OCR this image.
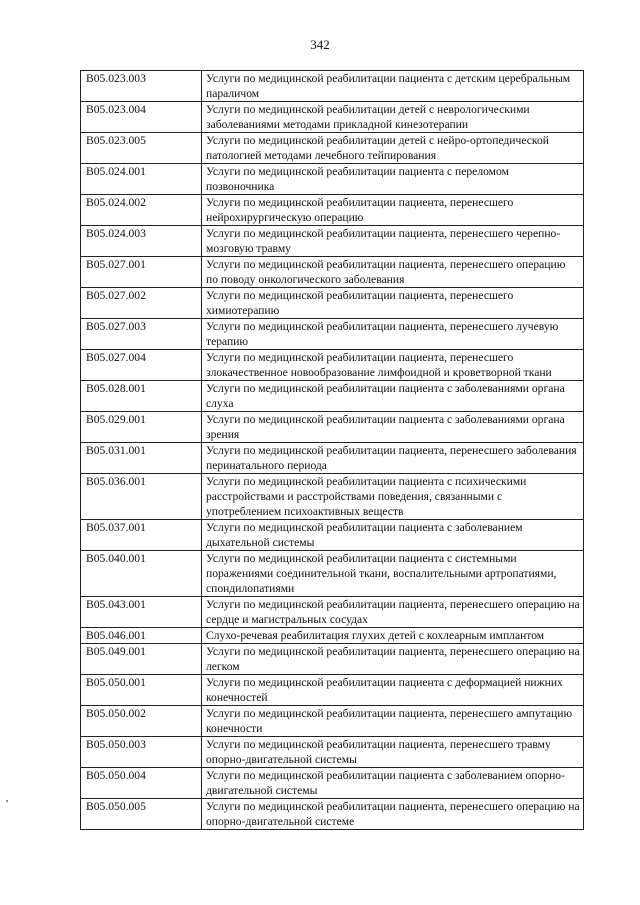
342
B05.023.003	Услуги по медицинской реабилитации пациента с детским церебральным параличом
B05.023.004	Услуги по медицинской реабилитации детей с неврологическими заболеваниями методами прикладной кинезотерапии
B05.023.005	Услуги по медицинской реабилитации детей с нейро-ортопедической патологией методами лечебного тейпирования
B05.024.001	Услуги по медицинской реабилитации пациента с переломом позвоночника
B05.024.002	Услуги по медицинской реабилитации пациента, перенесшего нейрохирургическую операцию
B05.024.003	Услуги по медицинской реабилитации пациента, перенесшего черепно-мозговую травму
B05.027.001	Услуги по медицинской реабилитации пациента, перенесшего операцию по поводу онкологического заболевания
B05.027.002	Услуги по медицинской реабилитации пациента, перенесшего химиотерапию
B05.027.003	Услуги по медицинской реабилитации пациента, перенесшего лучевую терапию
B05.027.004	Услуги по медицинской реабилитации пациента, перенесшего злокачественное новообразование лимфоидной и кроветворной ткани
B05.028.001	Услуги по медицинской реабилитации пациента с заболеваниями органа слуха
B05.029.001	Услуги по медицинской реабилитации пациента с заболеваниями органа зрения
B05.031.001	Услуги по медицинской реабилитации пациента, перенесшего заболевания перинатального периода
B05.036.001	Услуги по медицинской реабилитации пациента с психическими расстройствами и расстройствами поведения, связанными с употреблением психоактивных веществ
B05.037.001	Услуги по медицинской реабилитации пациента с заболеванием дыхательной системы
B05.040.001	Услуги по медицинской реабилитации пациента с системными поражениями соединительной ткани, воспалительными артропатиями, спондилопатиями
B05.043.001	Услуги по медицинской реабилитации пациента, перенесшего операцию на сердце и магистральных сосудах
B05.046.001	Слухо-речевая реабилитация глухих детей с кохлеарным имплантом
B05.049.001	Услуги по медицинской реабилитации пациента, перенесшего операцию на легком
B05.050.001	Услуги по медицинской реабилитации пациента с деформацией нижних конечностей
B05.050.002	Услуги по медицинской реабилитации пациента, перенесшего ампутацию конечности
B05.050.003	Услуги по медицинской реабилитации пациента, перенесшего травму опорно-двигательной системы
B05.050.004	Услуги по медицинской реабилитации пациента с заболеванием опорно-двигательной системы
B05.050.005	Услуги по медицинской реабилитации пациента, перенесшего операцию на опорно-двигательной системе
